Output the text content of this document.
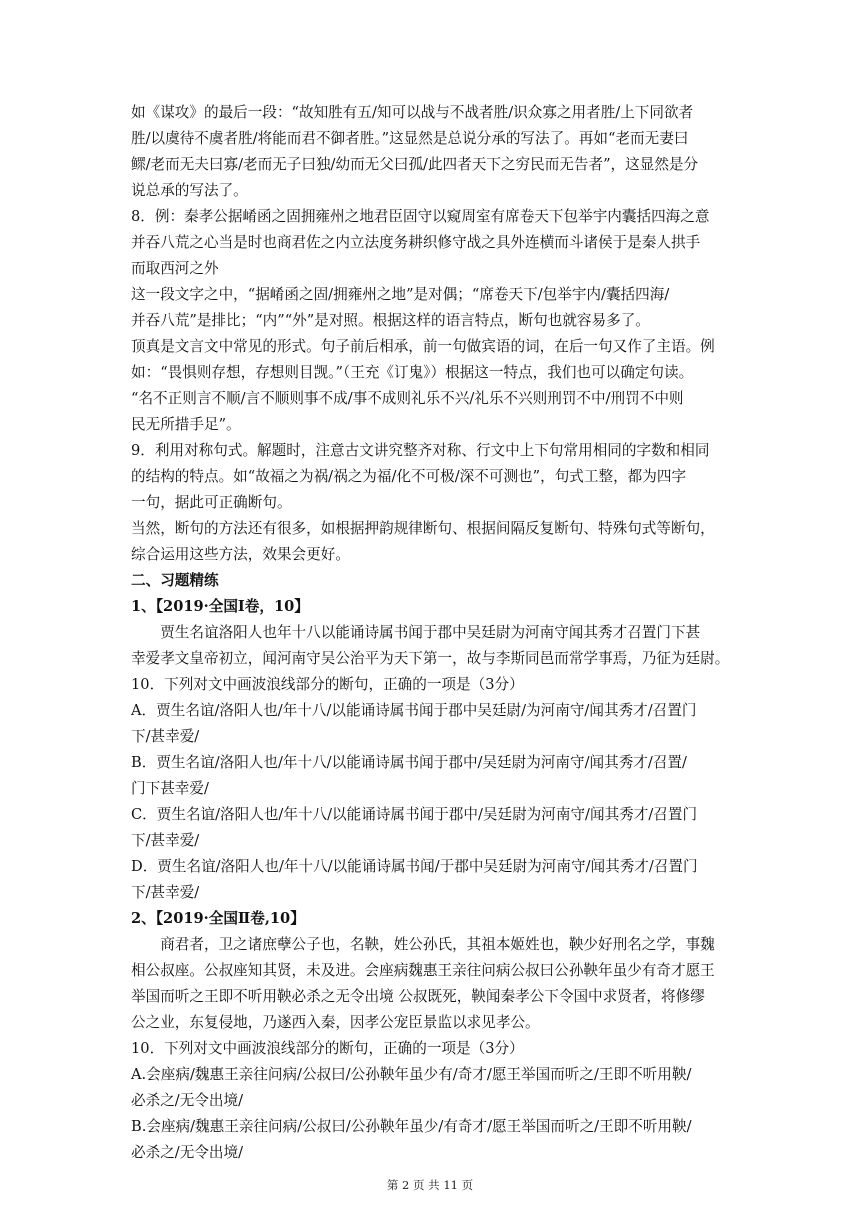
如《谋攻》的最后一段：“故知胜有五/知可以战与不战者胜/识众寡之用者胜/上下同欲者
胜/以虞待不虞者胜/将能而君不御者胜。”这显然是总说分承的写法了。再如“老而无妻曰
鳏/老而无夫曰寡/老而无子曰独/幼而无父曰孤/此四者天下之穷民而无告者”，这显然是分
说总承的写法了。
8．例：秦孝公据崤函之固拥雍州之地君臣固守以窥周室有席卷天下包举宇内囊括四海之意
并吞八荒之心当是时也商君佐之内立法度务耕织修守战之具外连横而斗诸侯于是秦人拱手
而取西河之外
这一段文字之中，“据崤函之固/拥雍州之地”是对偶；“席卷天下/包举宇内/囊括四海/
并吞八荒”是排比；“内”“外”是对照。根据这样的语言特点，断句也就容易多了。
顶真是文言文中常见的形式。句子前后相承，前一句做宾语的词，在后一句又作了主语。例
如：“畏惧则存想，存想则目觊。”（王充《订鬼》）根据这一特点，我们也可以确定句读。
“名不正则言不顺/言不顺则事不成/事不成则礼乐不兴/礼乐不兴则刑罚不中/刑罚不中则
民无所措手足”。
9．利用对称句式。解题时，注意古文讲究整齐对称、行文中上下句常用相同的字数和相同
的结构的特点。如“故福之为祸/祸之为福/化不可极/深不可测也”，句式工整，都为四字
一句，据此可正确断句。
当然，断句的方法还有很多，如根据押韵规律断句、根据间隔反复断句、特殊句式等断句，
综合运用这些方法，效果会更好。
二、习题精练
1、【2019·全国Ⅰ卷，10】
　　贾生名谊洛阳人也年十八以能诵诗属书闻于郡中吴廷尉为河南守闻其秀才召置门下甚
幸爱孝文皇帝初立，闻河南守吴公治平为天下第一，故与李斯同邑而常学事焉，乃征为廷尉。
10．下列对文中画波浪线部分的断句，正确的一项是（3分）
A．贾生名谊/洛阳人也/年十八/以能诵诗属书闻于郡中吴廷尉/为河南守/闻其秀才/召置门
下/甚幸爱/
B．贾生名谊/洛阳人也/年十八/以能诵诗属书闻于郡中/吴廷尉为河南守/闻其秀才/召置/
门下甚幸爱/
C．贾生名谊/洛阳人也/年十八/以能诵诗属书闻于郡中/吴廷尉为河南守/闻其秀才/召置门
下/甚幸爱/
D．贾生名谊/洛阳人也/年十八/以能诵诗属书闻/于郡中吴廷尉为河南守/闻其秀才/召置门
下/甚幸爱/
2、【2019·全国Ⅱ卷,10】
　　商君者，卫之诸庶孽公子也，名鞅，姓公孙氏，其祖本姬姓也，鞅少好刑名之学，事魏
相公叔座。公叔座知其贤，未及进。会座病魏惠王亲往问病公叔曰公孙鞅年虽少有奇才愿王
举国而听之王即不听用鞅必杀之无令出境 公叔既死，鞅闻秦孝公下令国中求贤者，将修缪
公之业，东复侵地，乃遂西入秦，因孝公宠臣景监以求见孝公。
10．下列对文中画波浪线部分的断句，正确的一项是（3分）
A.会座病/魏惠王亲往问病/公叔曰/公孙鞅年虽少有/奇才/愿王举国而听之/王即不听用鞅/
必杀之/无令出境/
B.会座病/魏惠王亲往问病/公叔曰/公孙鞅年虽少/有奇才/愿王举国而听之/王即不听用鞅/
必杀之/无令出境/
第 2 页 共 11 页
